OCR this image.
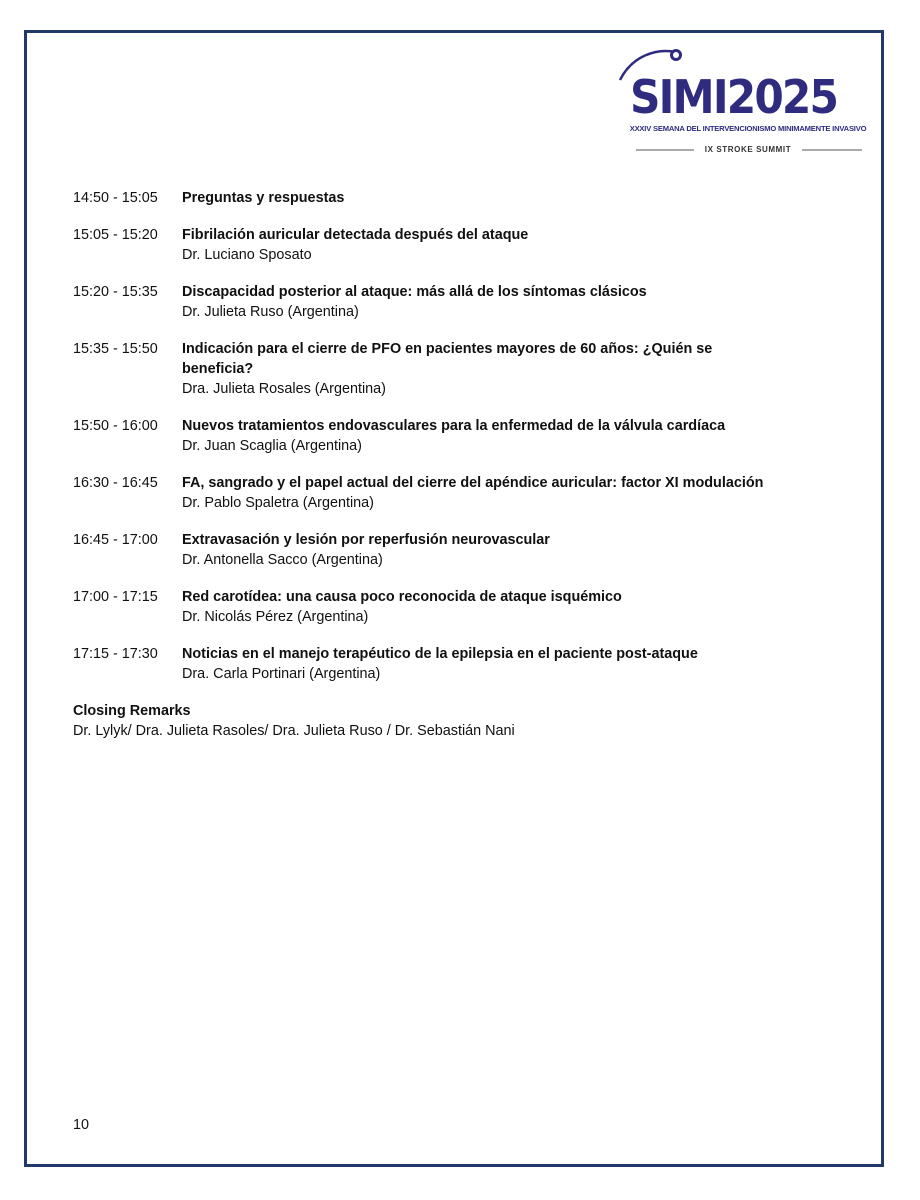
SIMI2025
XXXIV SEMANA DEL INTERVENCIONISMO MINIMAMENTE INVASIVO
IX STROKE SUMMIT
14:50 - 15:05	Preguntas y respuestas
15:05 - 15:20	Fibrilación auricular detectada después del ataque
Dr. Luciano Sposato
15:20 - 15:35	Discapacidad posterior al ataque: más allá de los síntomas clásicos
Dr. Julieta Ruso (Argentina)
15:35 - 15:50	Indicación para el cierre de PFO en pacientes mayores de 60 años: ¿Quién se beneficia?
Dra. Julieta Rosales (Argentina)
15:50 - 16:00	Nuevos tratamientos endovasculares para la enfermedad de la válvula cardíaca
Dr. Juan Scaglia (Argentina)
16:30 - 16:45	FA, sangrado y el papel actual del cierre del apéndice auricular: factor XI modulación
Dr. Pablo Spaletra (Argentina)
16:45 - 17:00	Extravasación y lesión por reperfusión neurovascular
Dr. Antonella Sacco (Argentina)
17:00 - 17:15	Red carotídea: una causa poco reconocida de ataque isquémico
Dr. Nicolás Pérez (Argentina)
17:15 - 17:30	Noticias en el manejo terapéutico de la epilepsia en el paciente post-ataque
Dra. Carla Portinari (Argentina)
Closing Remarks
Dr. Lylyk/ Dra. Julieta Rasoles/ Dra. Julieta Ruso / Dr. Sebastián Nani
10
